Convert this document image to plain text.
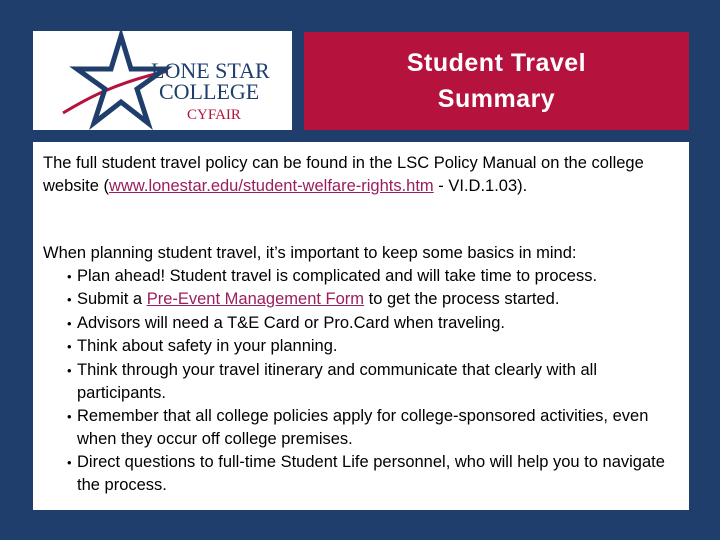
LONE STAR
COLLEGE
CYFAIR
Student Travel
Summary

The full student travel policy can be found in the LSC Policy Manual on the college website (www.lonestar.edu/student-welfare-rights.htm - VI.D.1.03).

When planning student travel, it’s important to keep some basics in mind:

• Plan ahead! Student travel is complicated and will take time to process.
• Submit a Pre-Event Management Form to get the process started.
• Advisors will need a T&E Card or Pro.Card when traveling.
• Think about safety in your planning.
• Think through your travel itinerary and communicate that clearly with all participants.
• Remember that all college policies apply for college-sponsored activities, even when they occur off college premises.
• Direct questions to full-time Student Life personnel, who will help you to navigate the process.
